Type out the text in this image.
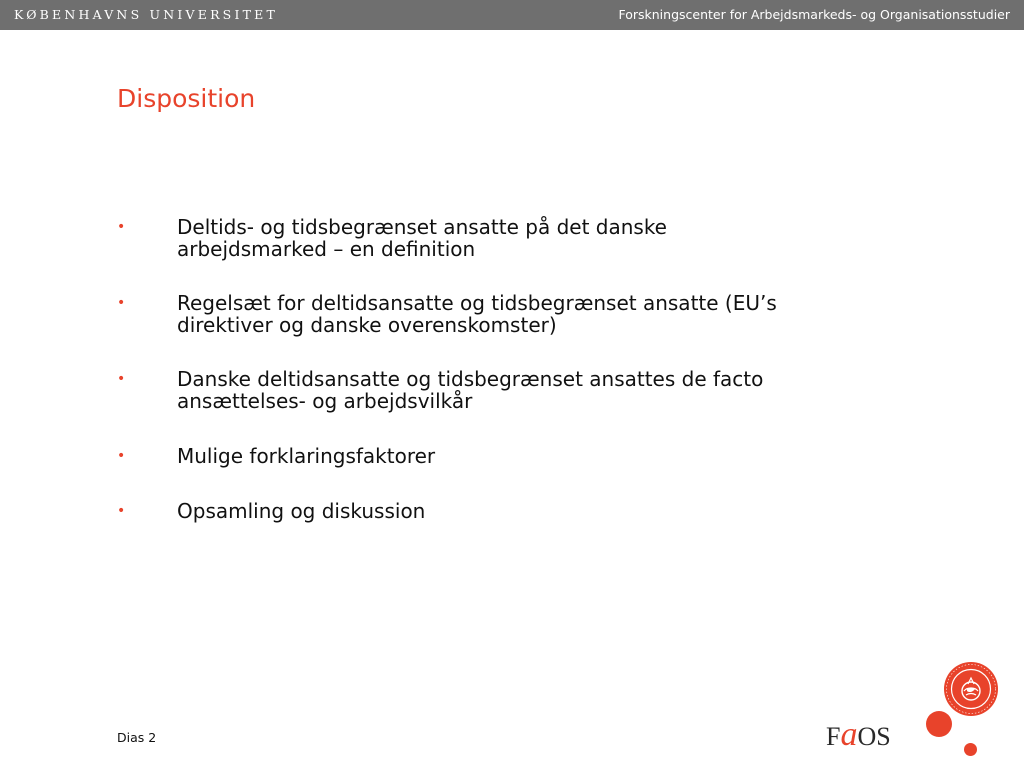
KØBENHAVNS UNIVERSITET	Forskningscenter for Arbejdsmarkeds- og Organisationsstudier
Disposition
•	Deltids- og tidsbegrænset ansatte på det danske
arbejdsmarked – en definition
•	Regelsæt for deltidsansatte og tidsbegrænset ansatte (EU’s
direktiver og danske overenskomster)
•	Danske deltidsansatte og tidsbegrænset ansattes de facto
ansættelses- og arbejdsvilkår
•	Mulige forklaringsfaktorer
•	Opsamling og diskussion
Dias 2	FaOS
